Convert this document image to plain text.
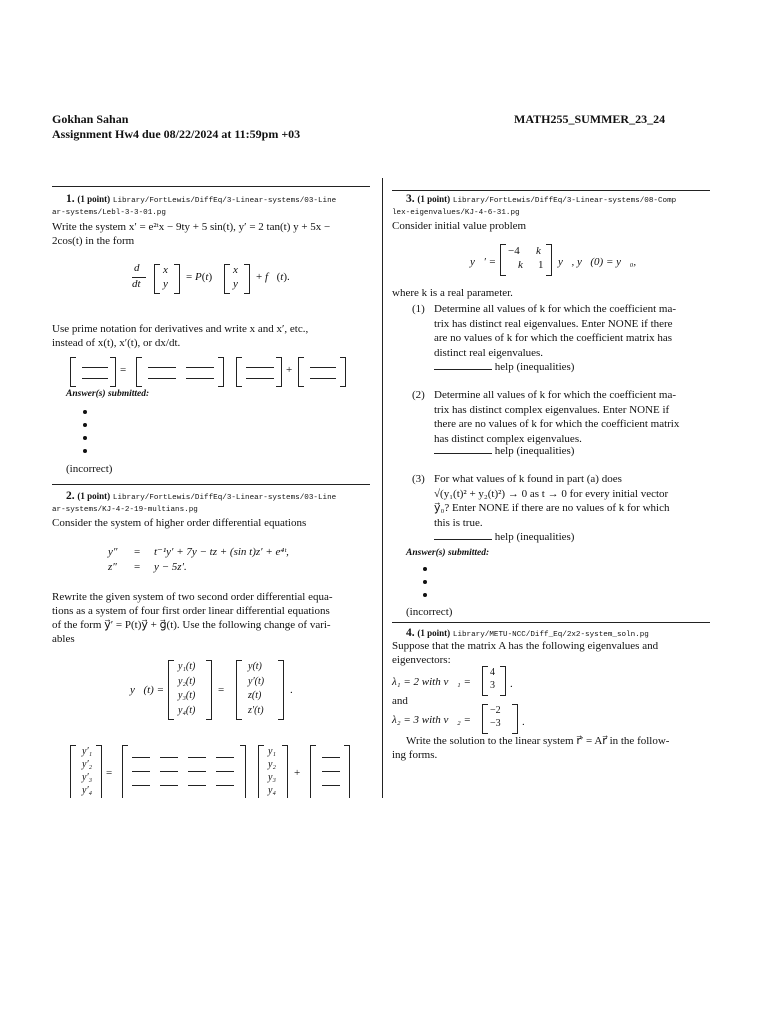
Gokhan Sahan
Assignment Hw4 due 08/22/2024 at 11:59pm +03
MATH255_SUMMER_23_24
1. (1 point) Library/FortLewis/DiffEq/3-Linear-systems/03-Line
ar-systems/Lebl-3-3-01.pg
Write the system x′ = e²ᵗx − 9ty + 5 sin(t), y′ = 2 tan(t) y + 5x −
2cos(t) in the form
d
dt
x
y
= P(t)
x
y
+ f⃗(t).
Use prime notation for derivatives and write x and x′, etc.,
instead of x(t), x′(t), or dx/dt.
=	+
Answer(s) submitted:
(incorrect)
2. (1 point) Library/FortLewis/DiffEq/3-Linear-systems/03-Line
ar-systems/KJ-4-2-19-multians.pg
Consider the system of higher order differential equations
y″ = t⁻¹y′ + 7y − tz + (sin t)z′ + e⁴ᵗ,
z″ = y − 5z′.
Rewrite the given system of two second order differential equa-
tions as a system of four first order linear differential equations
of the form y⃗′ = P(t)y⃗ + g⃗(t). Use the following change of vari-
ables
y⃗(t) =
y₁(t)
y₂(t)
y₃(t)
y₄(t)
=
y(t)
y′(t)
z(t)
z′(t)
.
y′₁
y′₂
y′₃
y′₄
=
y₁
y₂
y₃
y₄
+
3. (1 point) Library/FortLewis/DiffEq/3-Linear-systems/08-Comp
lex-eigenvalues/KJ-4-6-31.pg
Consider initial value problem
y⃗′ =
−4 k
k 1 y⃗, y⃗(0) = y⃗₀,
where k is a real parameter.
(1) Determine all values of k for which the coefficient ma-
trix has distinct real eigenvalues. Enter NONE if there
are no values of k for which the coefficient matrix has
distinct real eigenvalues.
help (inequalities)
(2) Determine all values of k for which the coefficient ma-
trix has distinct complex eigenvalues. Enter NONE if
there are no values of k for which the coefficient matrix
has distinct complex eigenvalues.
help (inequalities)
(3) For what values of k found in part (a) does
√(y₁(t)² + y₂(t)²) → 0 as t → 0 for every initial vector
y⃗₀? Enter NONE if there are no values of k for which
this is true.
help (inequalities)
Answer(s) submitted:
(incorrect)
4. (1 point) Library/METU-NCC/Diff_Eq/2x2-system_soln.pg
Suppose that the matrix A has the following eigenvalues and
eigenvectors:
λ₁ = 2 with v⃗₁ =
4
3 .
and
λ₂ = 3 with v⃗₂ =
−2
−3 .
Write the solution to the linear system r⃗′ = Ar⃗ in the follow-
ing forms.
